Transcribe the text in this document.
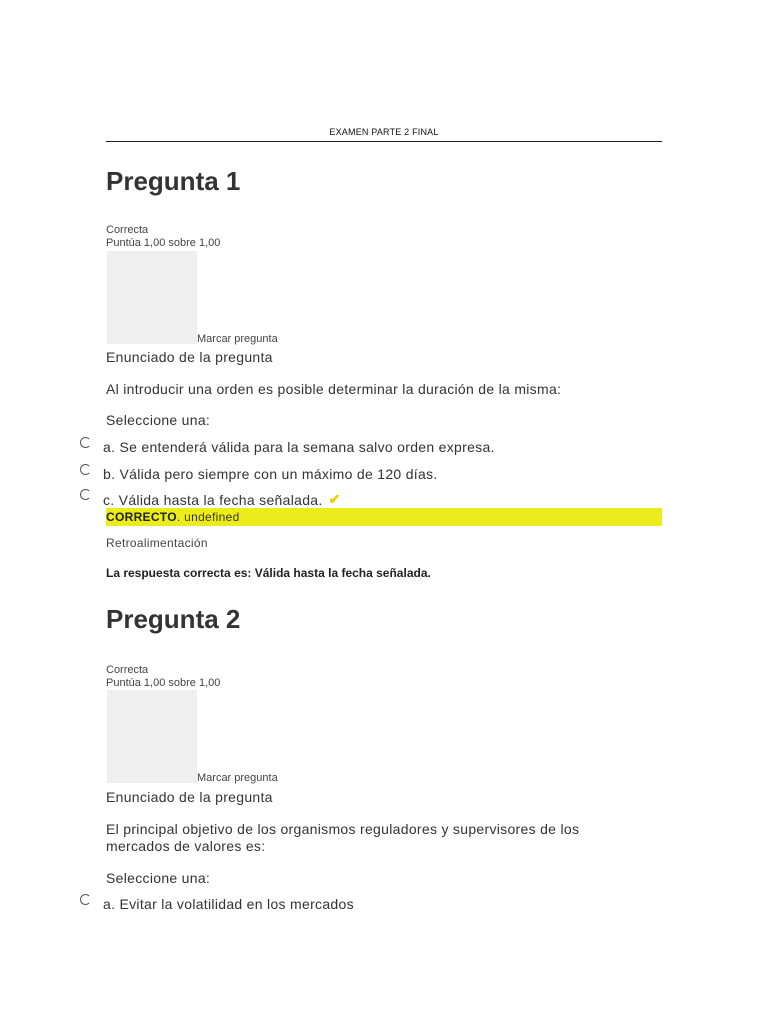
EXAMEN PARTE 2 FINAL
Pregunta 1
Correcta
Puntúa 1,00 sobre 1,00
Marcar pregunta
Enunciado de la pregunta
Al introducir una orden es posible determinar la duración de la misma:
Seleccione una:
a. Se entenderá válida para la semana salvo orden expresa.
b. Válida pero siempre con un máximo de 120 días.
c. Válida hasta la fecha señalada. ✔
CORRECTO. undefined
Retroalimentación
La respuesta correcta es: Válida hasta la fecha señalada.
Pregunta 2
Correcta
Puntúa 1,00 sobre 1,00
Marcar pregunta
Enunciado de la pregunta
El principal objetivo de los organismos reguladores y supervisores de los mercados de valores es:
Seleccione una:
a. Evitar la volatilidad en los mercados
